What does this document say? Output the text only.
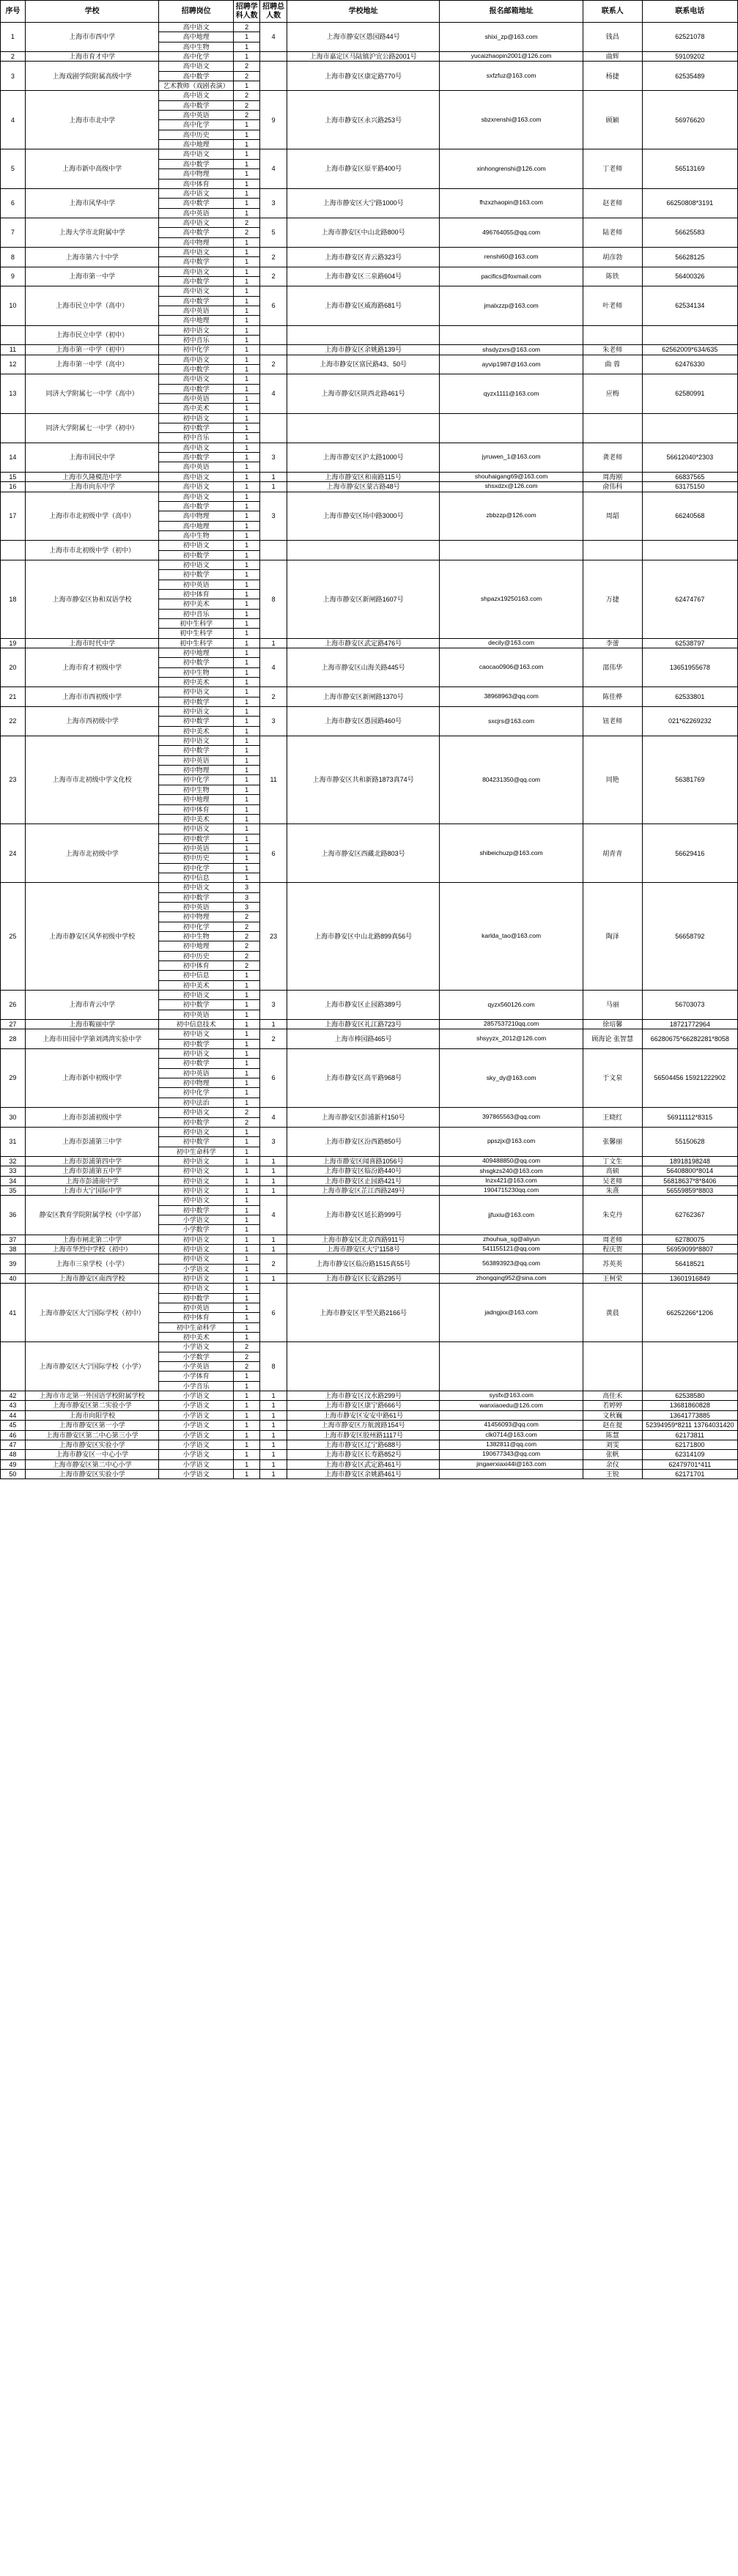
序号	学校	招聘岗位	招聘学科人数	招聘总人数	学校地址	报名邮箱地址	联系人	联系电话
1	上海市市西中学	高中语文	2	4	上海市静安区愚园路44号	shixi_zp@163.com	钱昌	62521078
		高中地理	1					
		高中生物	1					
2	上海市育才中学	高中化学	1		上海市嘉定区马陆镇沪宜公路2001号	yucaizhaopin2001@126.com	曲辉	59109202
3	上海戏剧学院附属高级中学	高中语文	2		上海市静安区康定路770号	sxfzfuz@163.com	杨捷	62535489
		高中数学	2					
		艺术教师（戏剧表演）	1					
4	上海市市北中学	高中语文	2	9	上海市静安区永兴路253号	sbzxrenshi@163.com	顾颖	56976620
		高中数学	2					
		高中英语	2					
		高中化学	1					
		高中历史	1					
		高中地理	1					
5	上海市新中高级中学	高中语文	1	4	上海市静安区原平路400号	xinhongrenshi@126.com	丁老师	56513169
		高中数学	1					
		高中物理	1					
		高中体育	1					
6	上海市风华中学	高中语文	1	3	上海市静安区大宁路1000号	fhzxzhaopin@163.com	赵老师	66250808*3191
		高中数学	1					
		高中英语	1					
7	上海大学市北附属中学	高中语文	2	5	上海市静安区中山北路800号	496764055@qq.com	陆老师	56625583
		高中数学	2					
		高中物理	1					
8	上海市第六十中学	高中语文	1	2	上海市静安区青云路323号	renshi60@163.com	胡彦勃	56628125
		高中数学	1					
9	上海市第一中学	高中语文	1	2	上海市静安区三泉路604号	pacifics@foxmail.com	陈铁	56400326
		高中数学	1					
10	上海市民立中学（高中）	高中语文	1	6	上海市静安区威海路681号	jmalxzzp@163.com	叶老师	62534134
		高中数学	1					
		高中英语	1					
		高中地理	1					
	上海市民立中学（初中）	初中语文	1					
		初中音乐	1					
11	上海市第一中学（初中）	初中化学	1		上海市静安区余姚路139号	shsdyzxrs@163.com	朱老师	62562009*634/635
12	上海市第一中学（高中）	高中语文	1	2	上海市静安区富民路43、50号	ayvip1987@163.com	曲 蓉	62476330
		高中数学	1					
13	同济大学附属七一中学（高中）	高中语文	1	4	上海市静安区陕西北路461号	qyzx1111@163.com	应梅	62580991
		高中数学	1					
		高中英语	1					
		高中美术	1					
	同济大学附属七一中学（初中）	初中语文	1					
		初中数学	1					
		初中音乐	1					
14	上海市回民中学	高中语文	1	3	上海市静安区沪太路1000号	jyruwen_1@163.com	龚老师	56612040*2303
		高中数学	1					
		高中英语	1					
15	上海市久隆模范中学	高中语文	1	1	上海市静安区和南路115号	shouhaigang69@163.com	周海刚	66837565
16	上海市向东中学	高中语文	1	1	上海市静安区蒙古路48号	shsxdzx@126.com	俞伟科	63175150
17	上海市市北初级中学（高中）	高中语文	1	3	上海市静安区场中路3000号	zbbzzp@126.com	周韶	66240568
		高中数学	1					
		高中物理	1					
		高中地理	1					
		高中生物	1					
	上海市市北初级中学（初中）	初中语文	1					
		初中数学	1					
18	上海市静安区协和双语学校	初中语文	1	8	上海市静安区新闸路1607号	shpazx19250163.com	万捷	62474767
		初中数学	1					
		初中英语	1					
		初中体育	1					
		初中美术	1					
		初中音乐	1					
		初中生科学	1					
		初中生科学	1					
19	上海市时代中学	初中生科学	1	1	上海市静安区武定路476号	decily@163.com	李蕾	62538797
20	上海市育才初级中学	初中地理	1	4	上海市静安区山海关路445号	caocao0906@163.com	邵伟华	13651955678
		初中数学	1					
		初中生物	1					
		初中美术	1					
21	上海市市西初级中学	初中语文	1	2	上海市静安区新闸路1370号	38968963@qq.com	陈佳桦	62533801
		初中数学	1					
22	上海市西初级中学	初中语文	1	3	上海市静安区愚园路460号	sxcjrs@163.com	钮老师	021*62269232
		初中数学	1					
		初中美术	1					
23	上海市市北初级中学文化校	初中语文	1	11	上海市静安区共和新路1873真74号	804231350@qq.com	同艳	56381769
		初中数学	1					
		初中英语	1					
		初中物理	1					
		初中化学	1					
		初中生物	1					
		初中地理	1					
		初中体育	1					
		初中美术	1					
24	上海市北初级中学	初中语文	1	6	上海市静安区西藏北路803号	shibeichuzp@163.com	胡青青	56629416
		初中数学	1					
		初中英语	1					
		初中历史	1					
		初中化学	1					
		初中信息	1					
25	上海市静安区风华初级中学校	初中语文	3	23	上海市静安区中山北路899真56号	karlda_tao@163.com	陶泽	56658792
		初中数学	3					
		初中英语	3					
		初中物理	2					
		初中化学	2					
		初中生物	2					
		初中地理	2					
		初中历史	2					
		初中体育	2					
		初中信息	1					
		初中美术	1					
26	上海市青云中学	初中语文	1	3	上海市静安区止园路389号	qyzx560126.com	马丽	56703073
		初中数学	1					
		初中英语	1					
27	上海市鞍丽中学	初中信息技术	1	1	上海市静安区礼江路723号	2857537210qq.com	徐培馨	18721772964
28	上海市田园中学第刘鸿湾实验中学	初中语文	1	2	上海市棒园路465号	shsyyzx_2012@126.com	顾海论 张智慧	66280675*66282281*8058
		初中数学	1					
29	上海市新中初级中学	初中语文	1	6	上海市静安区高平路968号	sky_dy@163.com	于文泉	56504456 15921222902
		初中数学	1					
		初中英语	1					
		初中物理	1					
		初中化学	1					
		初中法治	1					
30	上海市彭浦初级中学	初中语文	2	4	上海市静安区彭浦新村150号	397865563@qq.com	王晓红	56911112*8315
		初中数学	2					
31	上海市彭浦第三中学	初中语文	1	3	上海市静安区汾西路850号	ppszjx@163.com	张馨丽	55150628
		初中数学	1					
		初中生命科学	1					
32	上海市彭浦第四中学	初中语文	1	1	上海市静安区闻喜路1056号	409488850@qq.com	丁文生	18918198248
33	上海市彭浦第五中学	初中语文	1	1	上海市静安区临汾路440号	shsgkzs240@163.com	高硕	56408800*8014
34	上海市彭浦南中学	初中语文	1	1	上海市静安区止园路421号	lnzx421@163.com	吴老师	56818637*8*8406
35	上海市大宁国际中学	初中语文	1	1	上海市静安区芷江西路249号	1904715230qq.com	朱熹	56559859*8803
36	静安区教育学院附属学校（中学部）	初中语文	1	4	上海市静安区延长路999号	jjfuxiu@163.com	朱克丹	62762367
		初中数学	1					
		小学语文	1					
		小学数学	1					
37	上海市闸北第二中学	初中语文	1	1	上海市静安区北京西路911号	zhouhua_sg@aliyun	周老师	62780075
38	上海市华烈中学校（初中）	初中语文	1	1	上海市静安区大宁1158号	541155121@qq.com	程庆贺	56959099*8807
39	上海市三泉学校（小学）	初中语文	1	2	上海市静安区临汾路1515真55号	563893923@qq.com	苏英英	56418521
		小学语文	1					
40	上海市静安区南西学校	初中语文	1	1	上海市静安区长安路295号	zhongqing952@sina.com	王柯荣	13601916849
41	上海市静安区大宁国际学校（初中）	初中语文	1	6	上海市静安区平型关路2166号	jadngjxx@163.com	黄晨	66252266*1206
		初中数学	1					
		初中英语	1					
		初中体育	1					
		初中生命科学	1					
		初中美术	1					
	上海市静安区大宁国际学校（小学）	小学语文	2	8				
		小学数学	2					
		小学英语	2					
		小学体育	1					
		小学音乐	1					
42	上海市市北第一外国语学校附属学校	小学语文	1	1	上海市静安区汶水路299号	sysfx@163.com	高佳禾	62538580
43	上海市静安区第二实验小学	小学语文	1	1	上海市静安区康宁路666号	wanxiaoedu@126.com	若婷婷	13681860828
44	上海市向阳学校	小学语文	1	1	上海市静安区安安中路61号		文秋巍	13641773885
45	上海市静安区第一小学	小学语文	1	1	上海市静安区万航渡路154号	41456093@qq.com	赵在提	52394959*8211 13764031420
46	上海市静安区第二中心第三小学	小学语文	1	1	上海市静安区胶州路1117号	clk0714@163.com	陈慧	62173811
47	上海市静安区实验小学	小学语文	1	1	上海市静安区辽宁路688号	1382811@qq.com	刘雯	62171800
48	上海市静安区一中心小学	小学语文	1	1	上海市静安区长寿路852号	190677343@qq.com	张帆	62314109
49	上海市静安区第二中心小学	小学语文	1	1	上海市静安区武定路461号	jingaerxiaxi44l@163.com	余仪	62479701*411
50	上海市静安区实验小学	小学语文	1	1	上海市静安区余姚路461号		王锐	62171701
